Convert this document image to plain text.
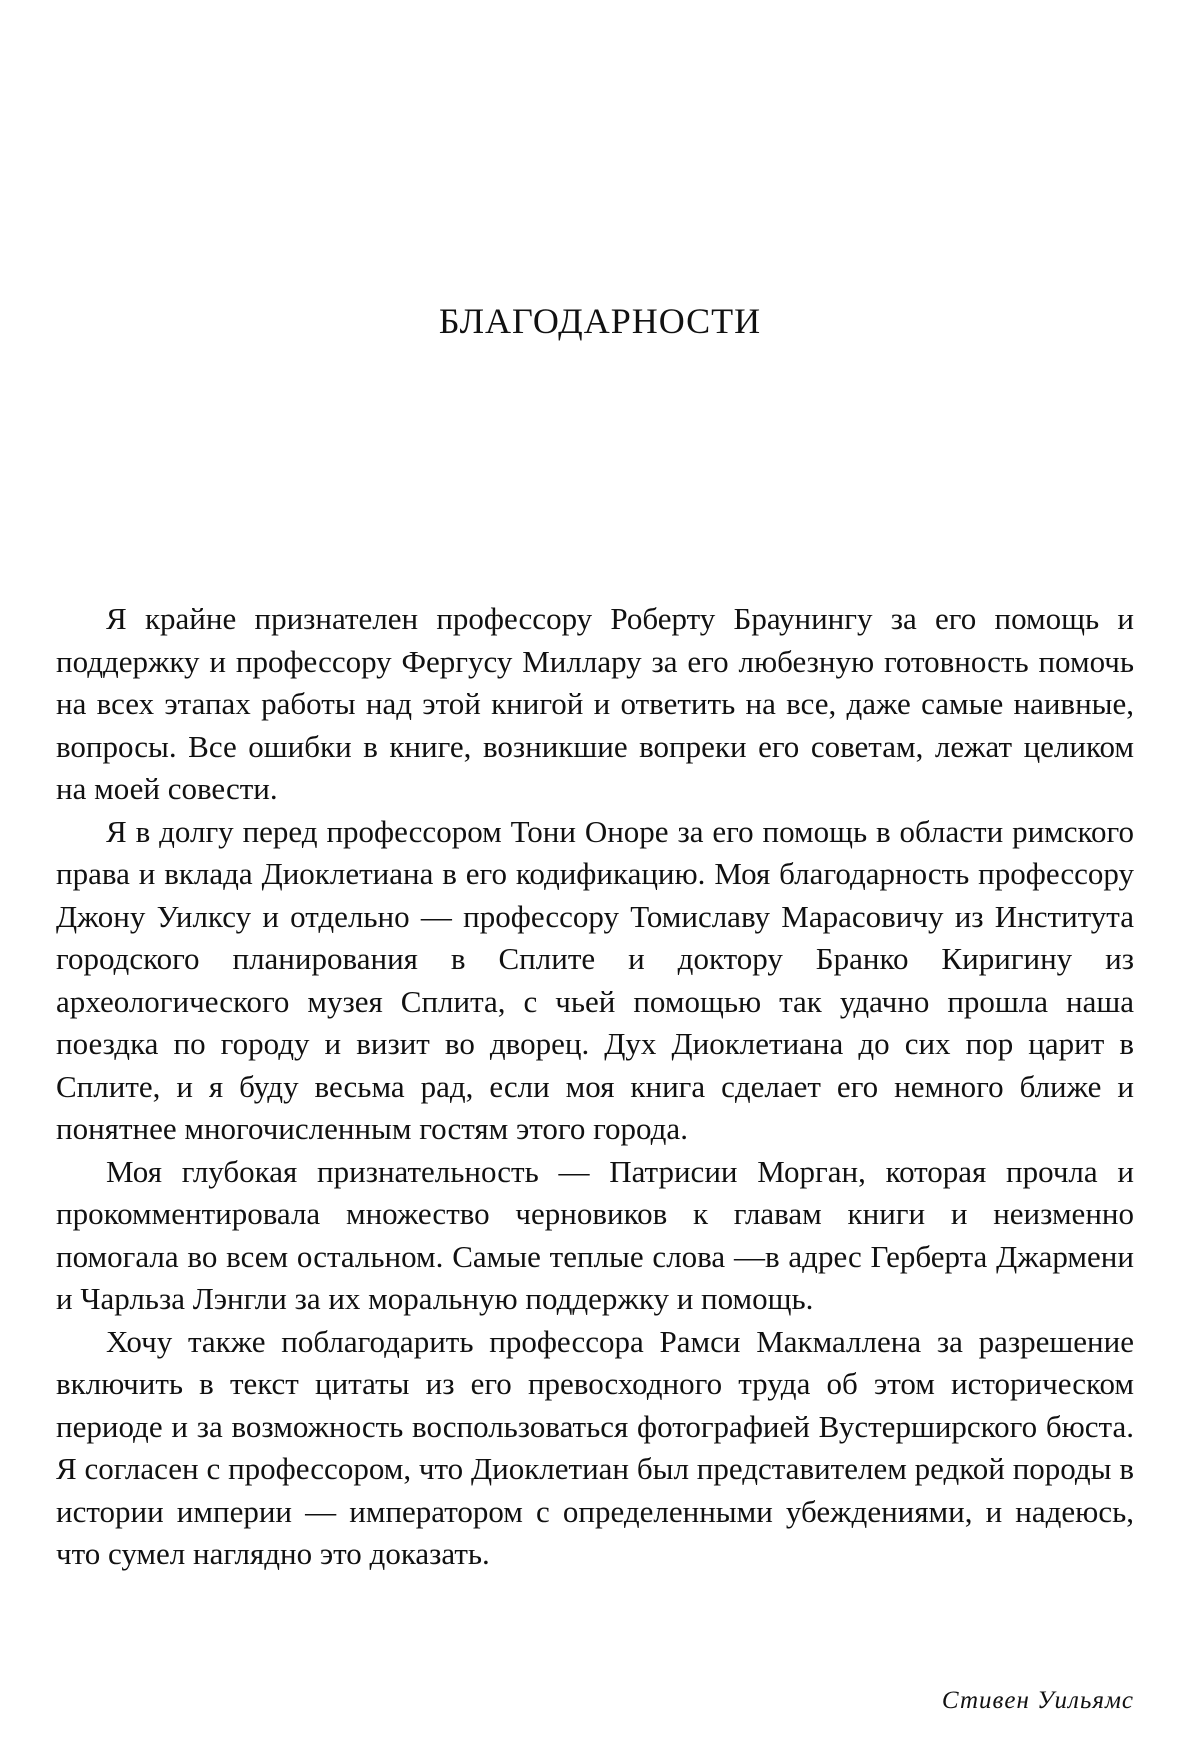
БЛАГОДАРНОСТИ

Я крайне признателен профессору Роберту Браунингу за его помощь и поддержку и профессору Фергусу Миллару за его любезную готовность помочь на всех этапах работы над этой книгой и ответить на все, даже самые наивные, вопросы. Все ошибки в книге, возникшие вопреки его советам, лежат целиком на моей совести.

Я в долгу перед профессором Тони Оноре за его помощь в области римского права и вклада Диоклетиана в его кодификацию. Моя благодарность профессору Джону Уилксу и отдельно — профессору Томиславу Марасовичу из Института городского планирования в Сплите и доктору Бранко Киригину из археологического музея Сплита, с чьей помощью так удачно прошла наша поездка по городу и визит во дворец. Дух Диоклетиана до сих пор царит в Сплите, и я буду весьма рад, если моя книга сделает его немного ближе и понятнее многочисленным гостям этого города.

Моя глубокая признательность — Патрисии Морган, которая прочла и прокомментировала множество черновиков к главам книги и неизменно помогала во всем остальном. Самые теплые слова —в адрес Герберта Джармени и Чарльза Лэнгли за их моральную поддержку и помощь.

Хочу также поблагодарить профессора Рамси Макмаллена за разрешение включить в текст цитаты из его превосходного труда об этом историческом периоде и за возможность воспользоваться фотографией Вустерширского бюста. Я согласен с профессором, что Диоклетиан был представителем редкой породы в истории империи — императором с определенными убеждениями, и надеюсь, что сумел наглядно это доказать.

Стивен Уильямс
